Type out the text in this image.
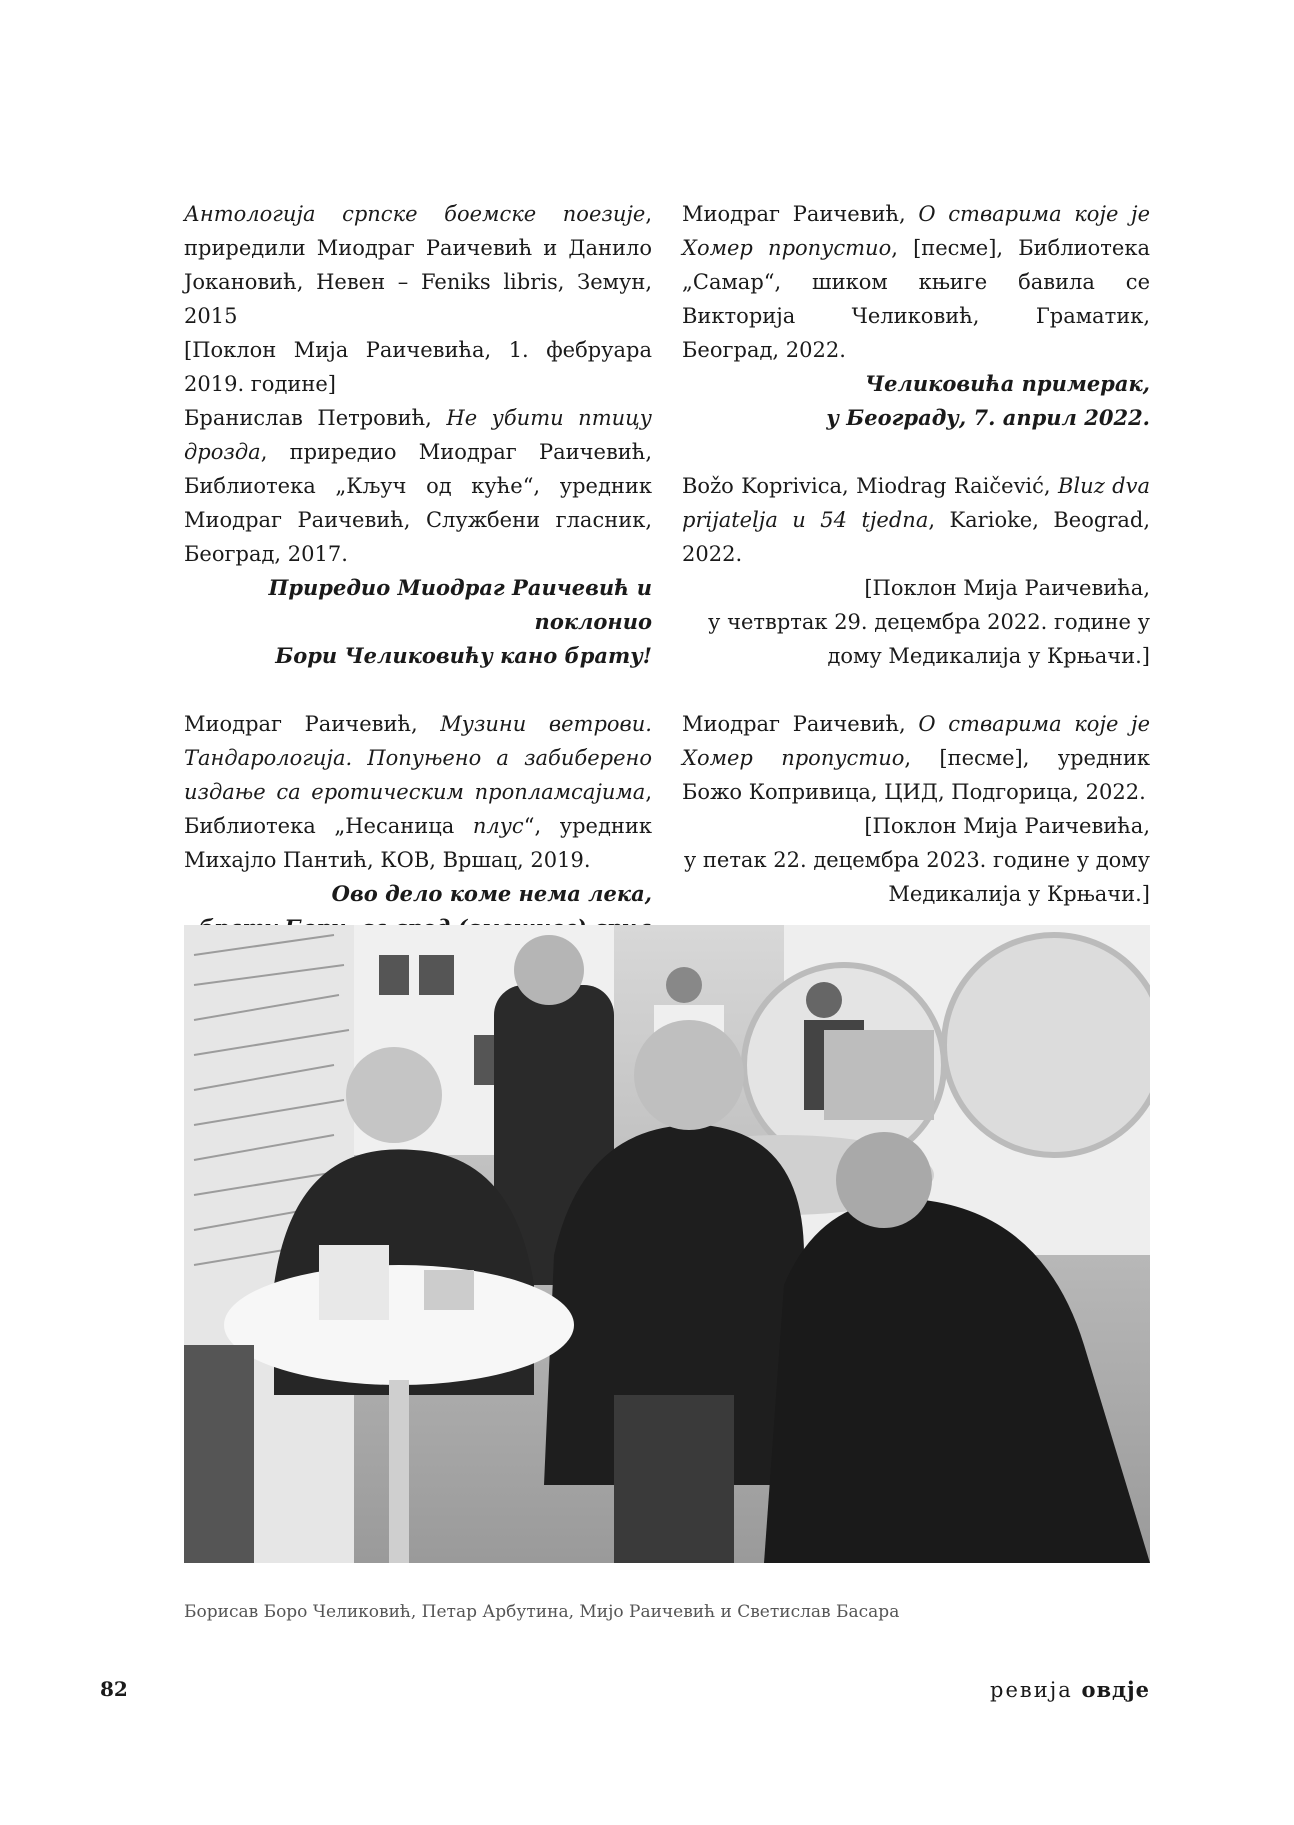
Антологија српске боемске поезије, приредили Миодраг Раичевић и Данило Јокановић, Невен – Feniks libris, Земун, 2015

[Поклон Мија Раичевића, 1. фебруара 2019. године]

Бранислав Петровић, Не убити птицу дрозда, приредио Миодраг Раичевић, Библиотека „Кључ од куће“, уредник Миодраг Раичевић, Службени гласник, Београд, 2017.

Приредио Миодраг Раичевић и поклонио

Бори Челиковићу кано брату!

Миодраг Раичевић, Музини ветрови. Тандарологија. Попуњено а забиберено издање са еротическим пропламсајима, Библиотека „Несаница плус“, уредник Михајло Пантић, КОВ, Вршац, 2019.

Ово дело коме нема лека,

Миодраг Раичевић, О стварима које је Хомер пропустио, [песме], Библиотека „Самар“, шиком књиге бавила се Викторија Челиковић, Граматик, Београд, 2022.

Челиковића примерак,

у Београду, 7. април 2022.

Božo Koprivica, Miodrag Raičević, Bluz dva prijatelja u 54 tjedna, Karioke, Beograd, 2022.

[Поклон Мија Раичевића,

у четвртак 29. децембра 2022. године у

дому Медикалија у Крњачи.]

Миодраг Раичевић, О стварима које је Хомер пропустио, [песме], уредник Божо Копривица, ЦИД, Подгорица, 2022.

[Поклон Мија Раичевића,

у петак 22. децембра 2023. године у дому

Медикалија у Крњачи.]

Борисав Боро Челиковић, Петар Арбутина, Мијо Раичевић и Светислав Басара
82	ревија овдје
